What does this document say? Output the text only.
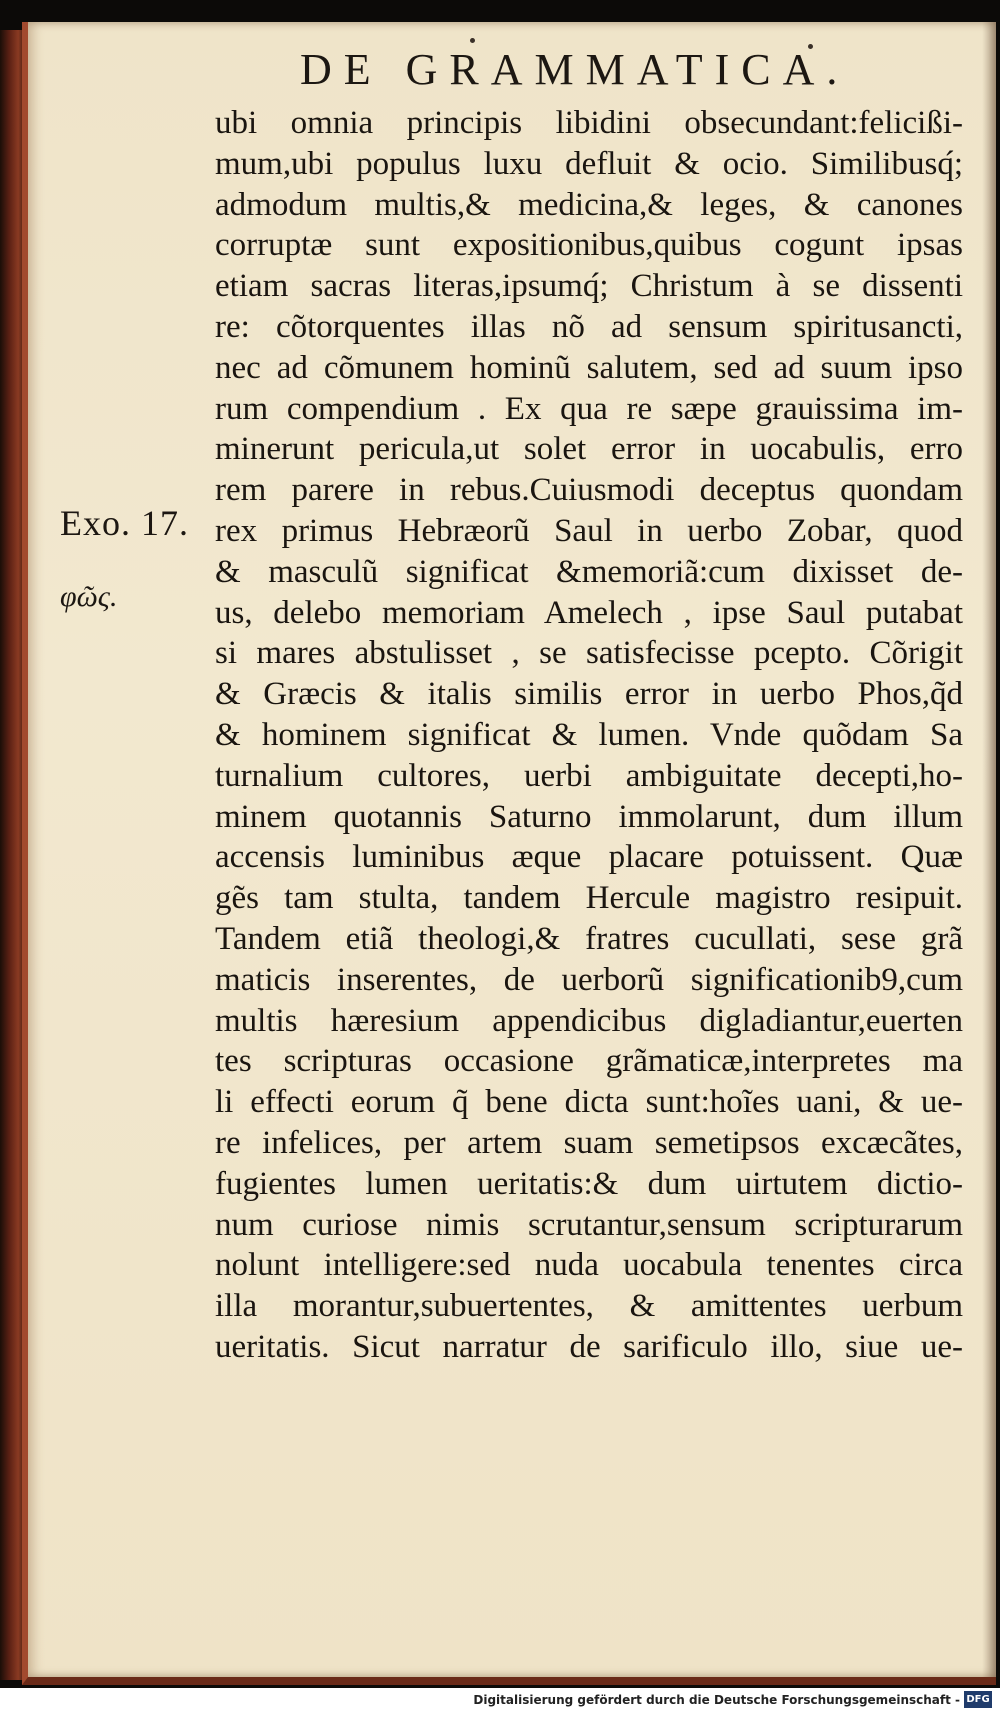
DE GRAMMATICA.
Exo. 17.
φῶς.
ubi omnia principis libidini obsecundant:felicißi-
mum,ubi populus luxu defluit & ocio. Similibusq́;
admodum multis,& medicina,& leges, & canones
corruptæ sunt expositionibus,quibus cogunt ipsas
etiam sacras literas,ipsumq́; Christum à se dissenti
re: cõtorquentes illas nõ ad sensum spiritusancti,
nec ad cõmunem hominũ salutem, sed ad suum ipso
rum compendium . Ex qua re sæpe grauissima im-
minerunt pericula,ut solet error in uocabulis, erro
rem parere in rebus.Cuiusmodi deceptus quondam
rex primus Hebræorũ Saul in uerbo Zobar, quod
& masculũ significat &memoriã:cum dixisset de-
us, delebo memoriam Amelech , ipse Saul putabat
si mares abstulisset , se satisfecisse pcepto. Cõrigit
& Græcis & italis similis error in uerbo Phos,q̃d
& hominem significat & lumen. Vnde quõdam Sa
turnalium cultores, uerbi ambiguitate decepti,ho-
minem quotannis Saturno immolarunt, dum illum
accensis luminibus æque placare potuissent. Quæ
gẽs tam stulta, tandem Hercule magistro resipuit.
Tandem etiã theologi,& fratres cucullati, sese grã
maticis inserentes, de uerborũ significationib9,cum
multis hæresium appendicibus digladiantur,euerten
tes scripturas occasione grãmaticæ,interpretes ma
li effecti eorum q̃ bene dicta sunt:hoĩes uani, & ue-
re infelices, per artem suam semetipsos excæcãtes,
fugientes lumen ueritatis:& dum uirtutem dictio-
num curiose nimis scrutantur,sensum scripturarum
nolunt intelligere:sed nuda uocabula tenentes circa
illa morantur,subuertentes, & amittentes uerbum
ueritatis. Sicut narratur de sarificulo illo, siue ue-
Digitalisierung gefördert durch die Deutsche Forschungsgemeinschaft - DFG
